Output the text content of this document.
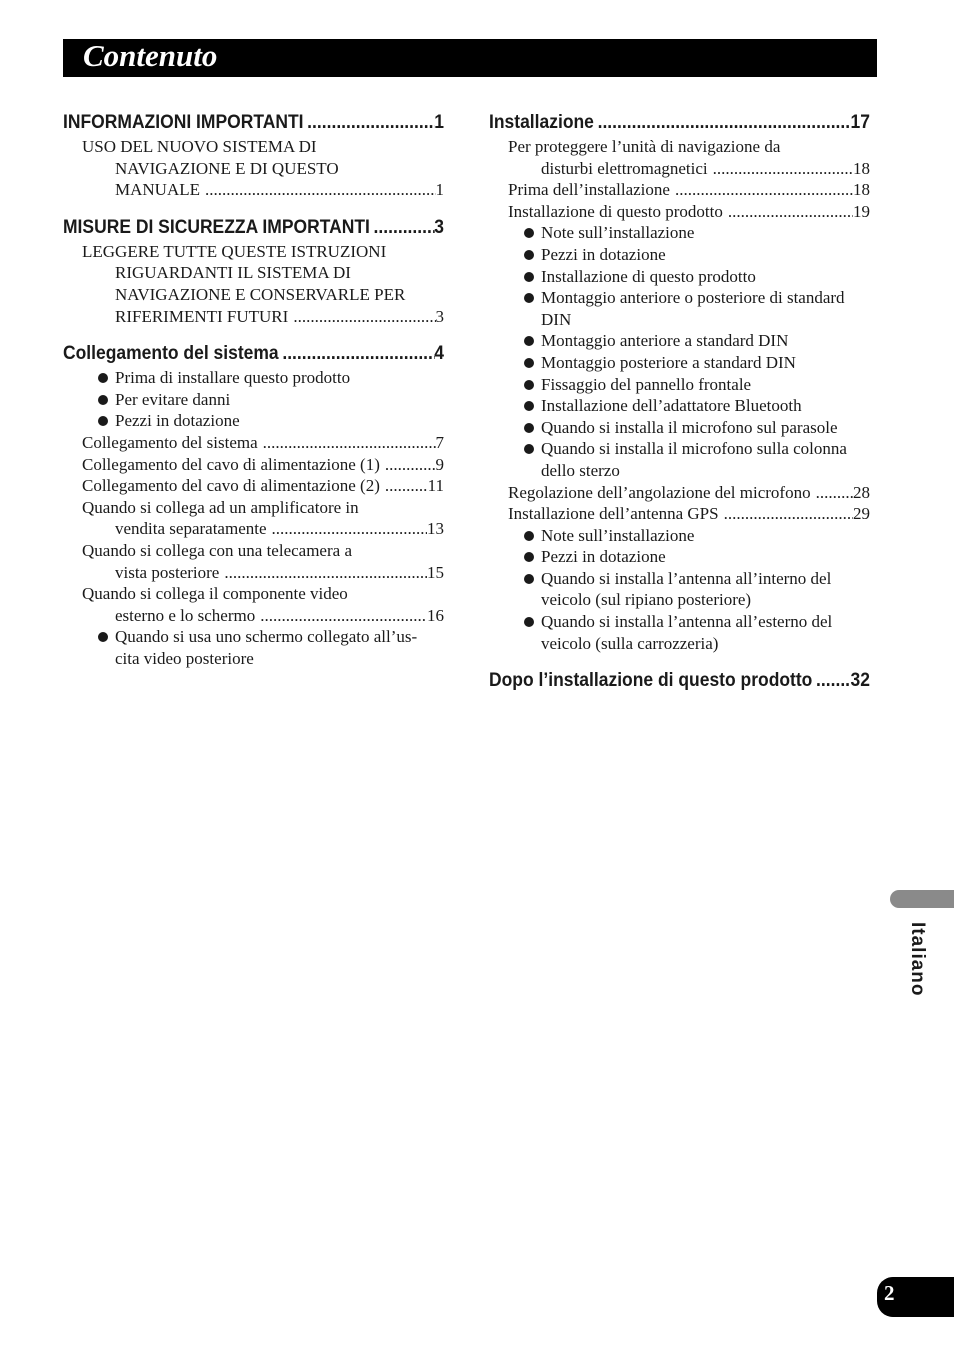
Contenuto
INFORMAZIONI IMPORTANTI .....	1
USO DEL NUOVO SISTEMA DI
NAVIGAZIONE E DI QUESTO
MANUALE .....	1
MISURE DI SICUREZZA IMPORTANTI .....	3
LEGGERE TUTTE QUESTE ISTRUZIONI
RIGUARDANTI IL SISTEMA DI
NAVIGAZIONE E CONSERVARLE PER
RIFERIMENTI FUTURI .....	3
Collegamento del sistema .....	4
Prima di installare questo prodotto
Per evitare danni
Pezzi in dotazione
Collegamento del sistema .....	7
Collegamento del cavo di alimentazione (1) .....	9
Collegamento del cavo di alimentazione (2) .....	11
Quando si collega ad un amplificatore in
vendita separatamente .....	13
Quando si collega con una telecamera a
vista posteriore .....	15
Quando si collega il componente video
esterno e lo schermo .....	16
Quando si usa uno schermo collegato all’us-
cita video posteriore
Installazione .....	17
Per proteggere l’unità di navigazione da
disturbi elettromagnetici .....	18
Prima dell’installazione .....	18
Installazione di questo prodotto .....	19
Note sull’installazione
Pezzi in dotazione
Installazione di questo prodotto
Montaggio anteriore o posteriore di standard
DIN
Montaggio anteriore a standard DIN
Montaggio posteriore a standard DIN
Fissaggio del pannello frontale
Installazione dell’adattatore Bluetooth
Quando si installa il microfono sul parasole
Quando si installa il microfono sulla colonna
dello sterzo
Regolazione dell’angolazione del microfono ..... 28
Installazione dell’antenna GPS .....	29
Note sull’installazione
Pezzi in dotazione
Quando si installa l’antenna all’interno del
veicolo (sul ripiano posteriore)
Quando si installa l’antenna all’esterno del
veicolo (sulla carrozzeria)
Dopo l’installazione di questo prodotto ..... 32
Italiano
2
